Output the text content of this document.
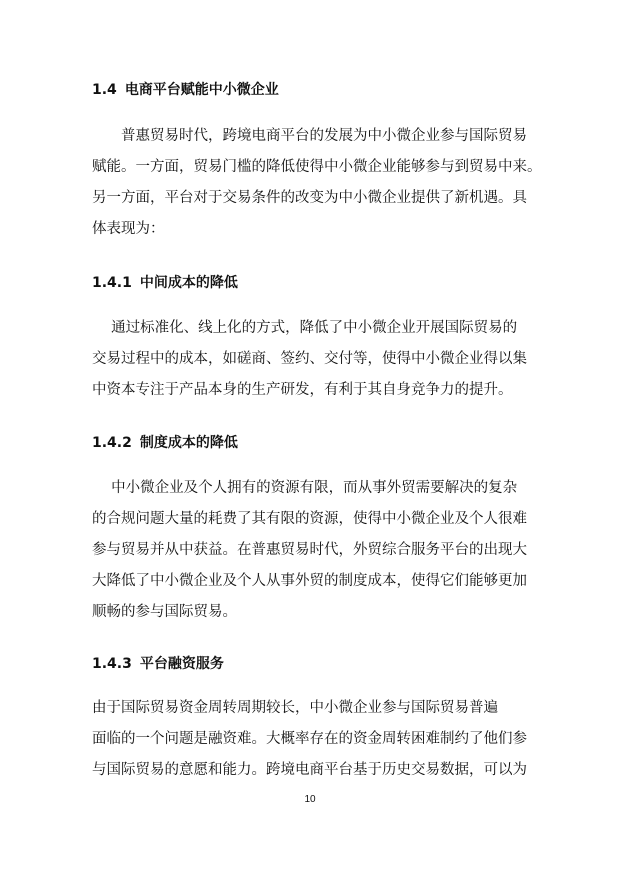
1.4 电商平台赋能中小微企业
　　普惠贸易时代，跨境电商平台的发展为中小微企业参与国际贸易
赋能。一方面，贸易门槛的降低使得中小微企业能够参与到贸易中来。
另一方面，平台对于交易条件的改变为中小微企业提供了新机遇。具
体表现为：
1.4.1 中间成本的降低
　 通过标准化、线上化的方式，降低了中小微企业开展国际贸易的
交易过程中的成本，如磋商、签约、交付等，使得中小微企业得以集
中资本专注于产品本身的生产研发，有利于其自身竞争力的提升。
1.4.2 制度成本的降低
　 中小微企业及个人拥有的资源有限，而从事外贸需要解决的复杂
的合规问题大量的耗费了其有限的资源，使得中小微企业及个人很难
参与贸易并从中获益。在普惠贸易时代，外贸综合服务平台的出现大
大降低了中小微企业及个人从事外贸的制度成本，使得它们能够更加
顺畅的参与国际贸易。
1.4.3 平台融资服务
由于国际贸易资金周转周期较长，中小微企业参与国际贸易普遍
面临的一个问题是融资难。大概率存在的资金周转困难制约了他们参
与国际贸易的意愿和能力。跨境电商平台基于历史交易数据，可以为
10
